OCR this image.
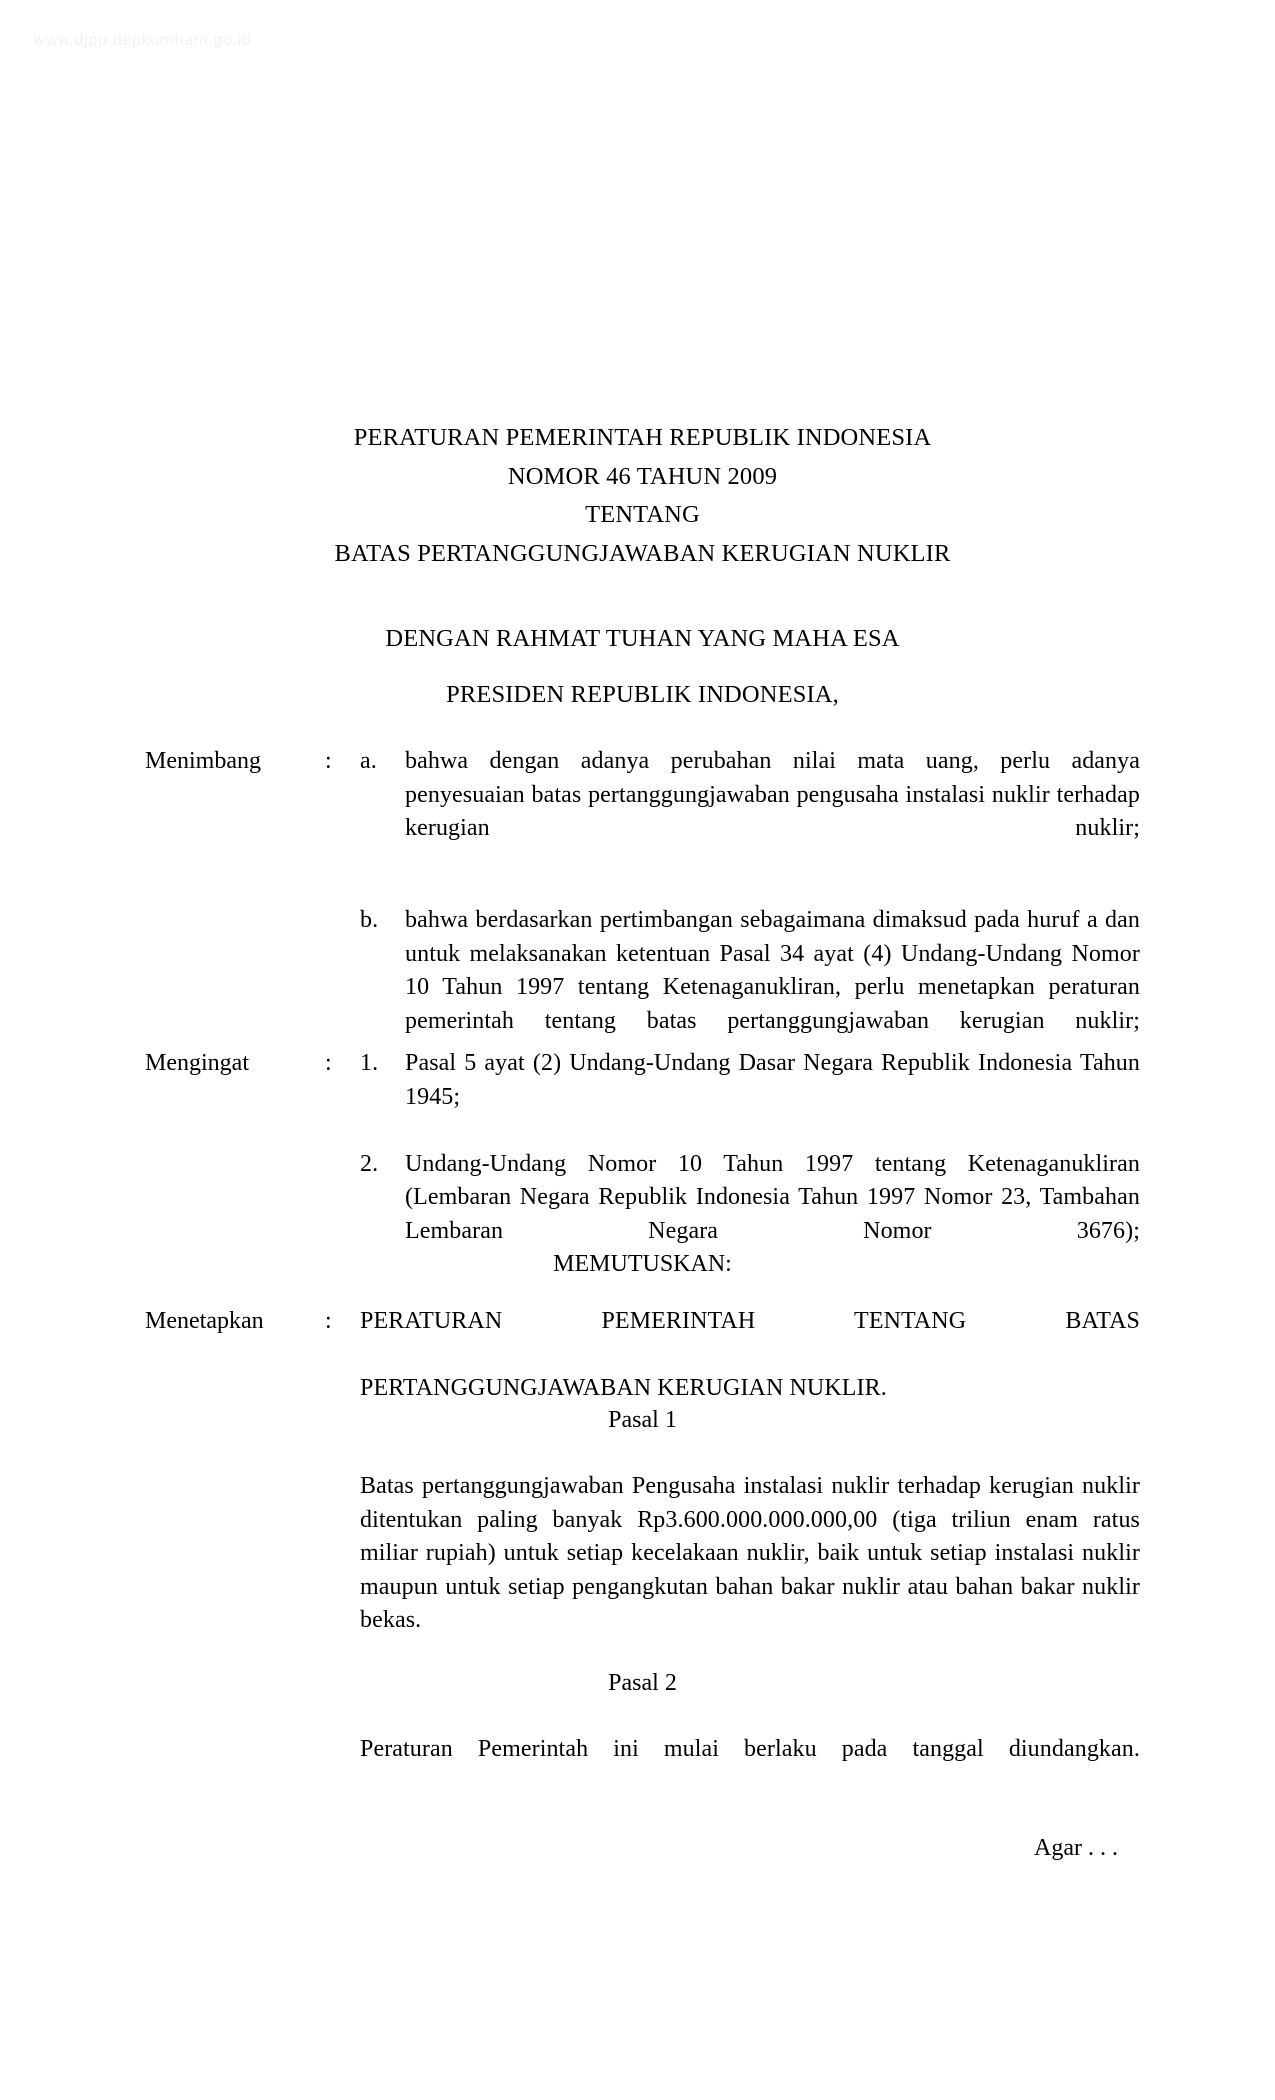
www.djpp.depkumham.go.id
PERATURAN PEMERINTAH REPUBLIK INDONESIA
NOMOR 46 TAHUN 2009
TENTANG
BATAS PERTANGGUNGJAWABAN KERUGIAN NUKLIR
DENGAN RAHMAT TUHAN YANG MAHA ESA
PRESIDEN REPUBLIK INDONESIA,
Menimbang	: a.	bahwa dengan adanya perubahan nilai mata uang, perlu adanya penyesuaian batas pertanggungjawaban pengusaha instalasi nuklir terhadap kerugian nuklir;
b.	bahwa berdasarkan pertimbangan sebagaimana dimaksud pada huruf a dan untuk melaksanakan ketentuan Pasal 34 ayat (4) Undang-Undang Nomor 10 Tahun 1997 tentang Ketenaganukliran, perlu menetapkan peraturan pemerintah tentang batas pertanggungjawaban kerugian nuklir;
Mengingat	: 1.	Pasal 5 ayat (2) Undang-Undang Dasar Negara Republik Indonesia Tahun 1945;
2.	Undang-Undang Nomor 10 Tahun 1997 tentang Ketenaganukliran (Lembaran Negara Republik Indonesia Tahun 1997 Nomor 23, Tambahan Lembaran Negara Nomor 3676);
MEMUTUSKAN:
Menetapkan	: PERATURAN PEMERINTAH TENTANG BATAS
PERTANGGUNGJAWABAN KERUGIAN NUKLIR.
Pasal 1
Batas pertanggungjawaban Pengusaha instalasi nuklir terhadap kerugian nuklir ditentukan paling banyak Rp3.600.000.000.000,00 (tiga triliun enam ratus miliar rupiah) untuk setiap kecelakaan nuklir, baik untuk setiap instalasi nuklir maupun untuk setiap pengangkutan bahan bakar nuklir atau bahan bakar nuklir bekas.
Pasal 2
Peraturan Pemerintah ini mulai berlaku pada tanggal diundangkan.
Agar . . .
